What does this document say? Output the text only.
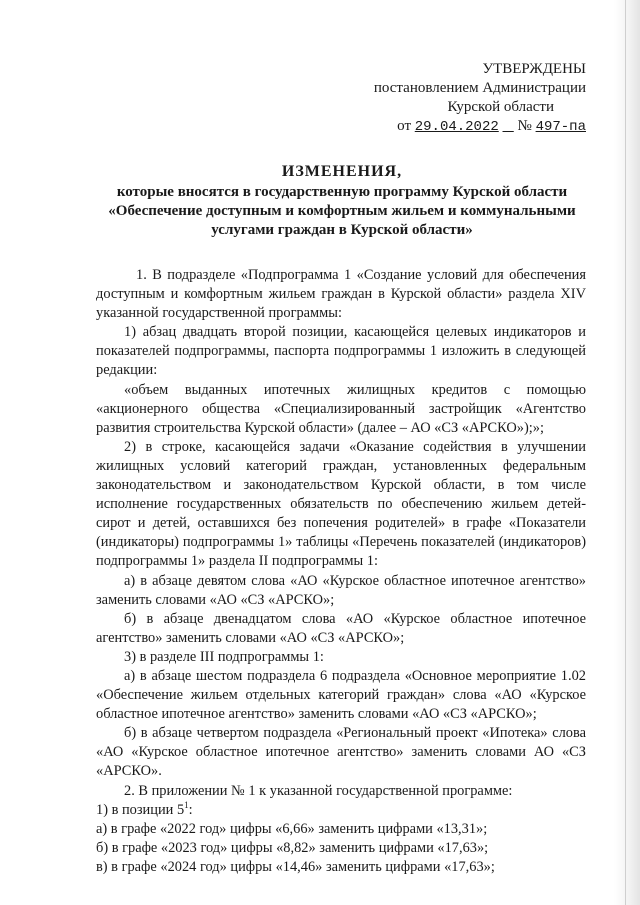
УТВЕРЖДЕНЫ
постановлением Администрации
Курской области
от 29.04.2022 № 497-па
ИЗМЕНЕНИЯ,
которые вносятся в государственную программу Курской области
«Обеспечение доступным и комфортным жильем и коммунальными
услугами граждан в Курской области»

1. В подразделе «Подпрограмма 1 «Создание условий для обеспечения доступным и комфортным жильем граждан в Курской области» раздела XIV указанной государственной программы:

1) абзац двадцать второй позиции, касающейся целевых индикаторов и показателей подпрограммы, паспорта подпрограммы 1 изложить в следующей редакции:

«объем выданных ипотечных жилищных кредитов с помощью «акционерного общества «Специализированный застройщик «Агентство развития строительства Курской области» (далее – АО «СЗ «АРСКО»);»;

2) в строке, касающейся задачи «Оказание содействия в улучшении жилищных условий категорий граждан, установленных федеральным законодательством и законодательством Курской области, в том числе исполнение государственных обязательств по обеспечению жильем детей-сирот и детей, оставшихся без попечения родителей» в графе «Показатели (индикаторы) подпрограммы 1» таблицы «Перечень показателей (индикаторов) подпрограммы 1» раздела II подпрограммы 1:

а) в абзаце девятом слова «АО «Курское областное ипотечное агентство» заменить словами «АО «СЗ «АРСКО»;

б) в абзаце двенадцатом слова «АО «Курское областное ипотечное агентство» заменить словами «АО «СЗ «АРСКО»;

3) в разделе III подпрограммы 1:

а) в абзаце шестом подраздела 6 подраздела «Основное мероприятие 1.02 «Обеспечение жильем отдельных категорий граждан» слова «АО «Курское областное ипотечное агентство» заменить словами «АО «СЗ «АРСКО»;

б) в абзаце четвертом подраздела «Региональный проект «Ипотека» слова «АО «Курское областное ипотечное агентство» заменить словами АО «СЗ «АРСКО».

2. В приложении № 1 к указанной государственной программе:

1) в позиции $5^1$:

а) в графе «2022 год» цифры «6,66» заменить цифрами «13,31»;

б) в графе «2023 год» цифры «8,82» заменить цифрами «17,63»;

в) в графе «2024 год» цифры «14,46» заменить цифрами «17,63»;
